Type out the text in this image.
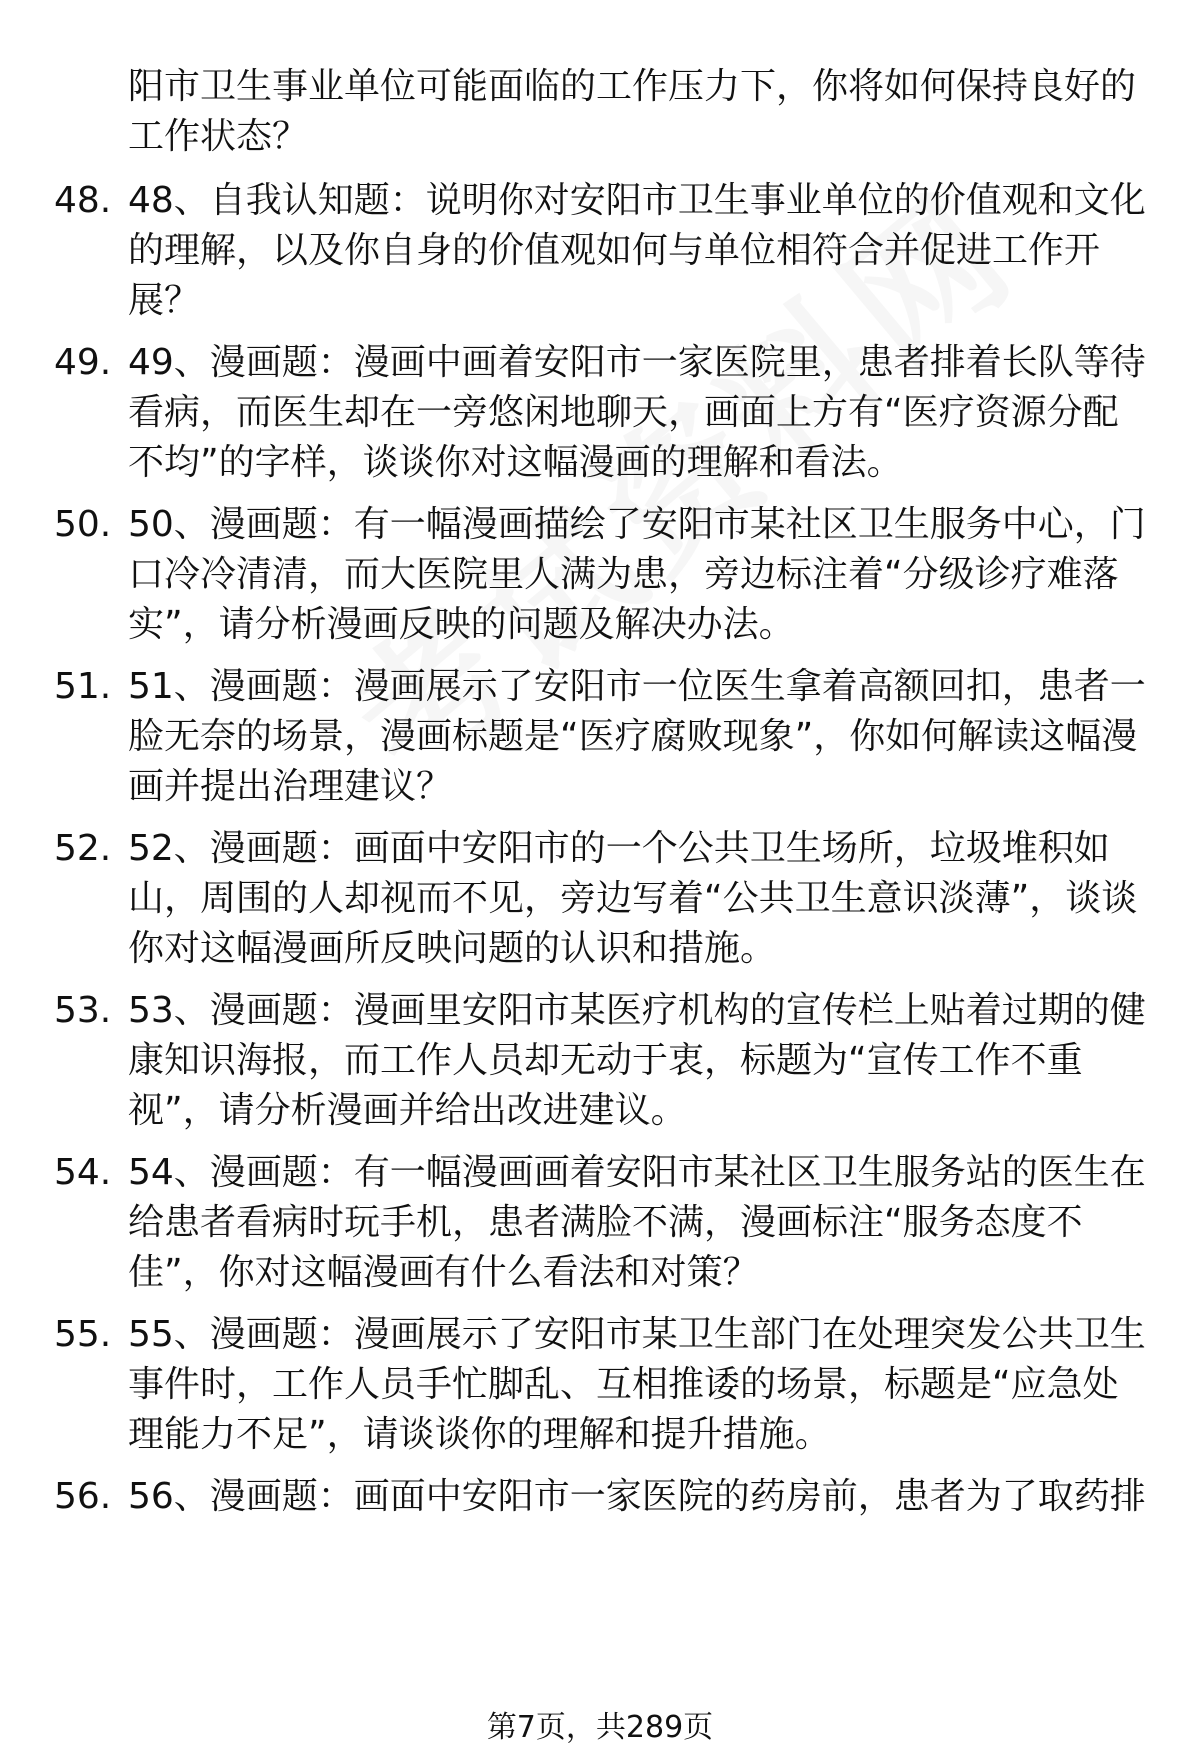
阳市卫生事业单位可能面临的工作压力下，你将如何保持良好的工作状态？
48. 48、自我认知题：说明你对安阳市卫生事业单位的价值观和文化的理解，以及你自身的价值观如何与单位相符合并促进工作开展？
49. 49、漫画题：漫画中画着安阳市一家医院里，患者排着长队等待看病，而医生却在一旁悠闲地聊天，画面上方有“医疗资源分配不均”的字样，谈谈你对这幅漫画的理解和看法。
50. 50、漫画题：有一幅漫画描绘了安阳市某社区卫生服务中心，门口冷冷清清，而大医院里人满为患，旁边标注着“分级诊疗难落实”，请分析漫画反映的问题及解决办法。
51. 51、漫画题：漫画展示了安阳市一位医生拿着高额回扣，患者一脸无奈的场景，漫画标题是“医疗腐败现象”，你如何解读这幅漫画并提出治理建议？
52. 52、漫画题：画面中安阳市的一个公共卫生场所，垃圾堆积如山，周围的人却视而不见，旁边写着“公共卫生意识淡薄”，谈谈你对这幅漫画所反映问题的认识和措施。
53. 53、漫画题：漫画里安阳市某医疗机构的宣传栏上贴着过期的健康知识海报，而工作人员却无动于衷，标题为“宣传工作不重视”，请分析漫画并给出改进建议。
54. 54、漫画题：有一幅漫画画着安阳市某社区卫生服务站的医生在给患者看病时玩手机，患者满脸不满，漫画标注“服务态度不佳”，你对这幅漫画有什么看法和对策？
55. 55、漫画题：漫画展示了安阳市某卫生部门在处理突发公共卫生事件时，工作人员手忙脚乱、互相推诿的场景，标题是“应急处理能力不足”，请谈谈你的理解和提升措施。
56. 56、漫画题：画面中安阳市一家医院的药房前，患者为了取药排
第7页，共289页
